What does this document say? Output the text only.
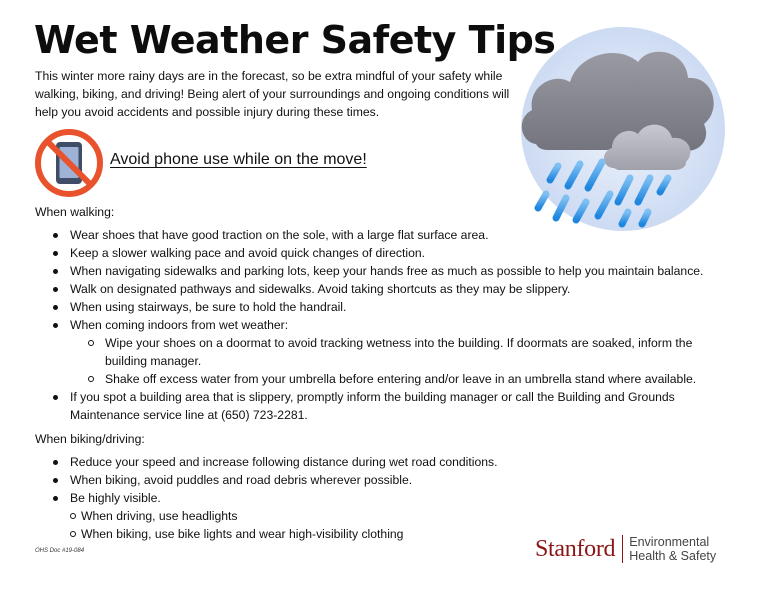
Wet Weather Safety Tips

This winter more rainy days are in the forecast, so be extra mindful of your safety while walking, biking, and driving! Being alert of your surroundings and ongoing conditions will help you avoid accidents and possible injury during these times.

Avoid phone use while on the move!

When walking:

Wear shoes that have good traction on the sole, with a large flat surface area.
Keep a slower walking pace and avoid quick changes of direction.
When navigating sidewalks and parking lots, keep your hands free as much as possible to help you maintain balance.
Walk on designated pathways and sidewalks. Avoid taking shortcuts as they may be slippery.
When using stairways, be sure to hold the handrail.
When coming indoors from wet weather:
Wipe your shoes on a doormat to avoid tracking wetness into the building. If doormats are soaked, inform the building manager.
Shake off excess water from your umbrella before entering and/or leave in an umbrella stand where available.
If you spot a building area that is slippery, promptly inform the building manager or call the Building and Grounds Maintenance service line at (650) 723-2281.

When biking/driving:

Reduce your speed and increase following distance during wet road conditions.
When biking, avoid puddles and road debris wherever possible.
Be highly visible.
When driving, use headlights
When biking, use bike lights and wear high-visibility clothing
OHS Doc #19-084	Stanford Environmental
Health & Safety
